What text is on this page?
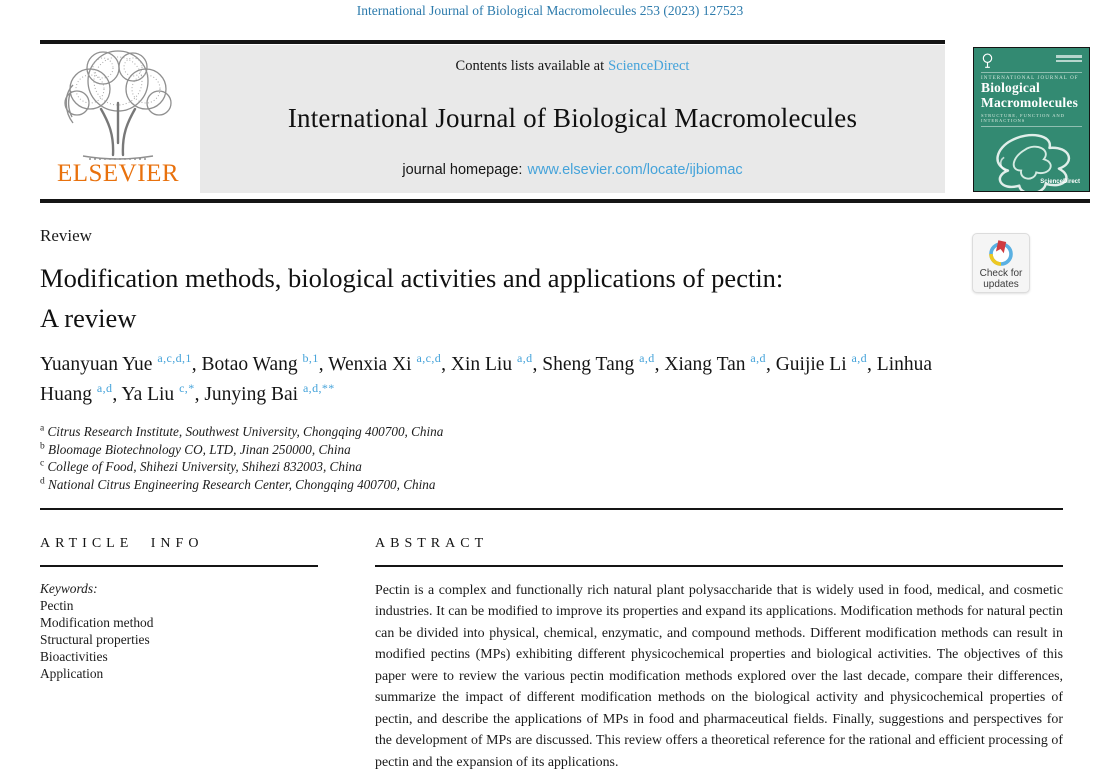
International Journal of Biological Macromolecules 253 (2023) 127523
ELSEVIER
Contents lists available at ScienceDirect
International Journal of Biological Macromolecules
journal homepage: www.elsevier.com/locate/ijbiomac
INTERNATIONAL JOURNAL OF
Biological
Macromolecules
STRUCTURE, FUNCTION AND INTERACTIONS
ScienceDirect
Review
Modification methods, biological activities and applications of pectin:
A review
Check for
updates
Yuanyuan Yue $^{a,c,d,1}$, Botao Wang $^{b,1}$, Wenxia Xi $^{a,c,d}$, Xin Liu $^{a,d}$, Sheng Tang $^{a,d}$, Xiang Tan $^{a,d}$, Guijie Li $^{a,d}$, Linhua Huang $^{a,d}$, Ya Liu $^{c,*}$, Junying Bai $^{a,d,**}$
$^a$ Citrus Research Institute, Southwest University, Chongqing 400700, China
$^b$ Bloomage Biotechnology CO, LTD, Jinan 250000, China
$^c$ College of Food, Shihezi University, Shihezi 832003, China
$^d$ National Citrus Engineering Research Center, Chongqing 400700, China
ARTICLE INFO	ABSTRACT
Keywords:
Pectin
Modification method
Structural properties
Bioactivities
Application

Pectin is a complex and functionally rich natural plant polysaccharide that is widely used in food, medical, and cosmetic industries. It can be modified to improve its properties and expand its applications. Modification methods for natural pectin can be divided into physical, chemical, enzymatic, and compound methods. Different modification methods can result in modified pectins (MPs) exhibiting different physicochemical properties and biological activities. The objectives of this paper were to review the various pectin modification methods explored over the last decade, compare their differences, summarize the impact of different modification methods on the biological activity and physicochemical properties of pectin, and describe the applications of MPs in food and pharmaceutical fields. Finally, suggestions and perspectives for the development of MPs are discussed. This review offers a theoretical reference for the rational and efficient processing of pectin and the expansion of its applications.
